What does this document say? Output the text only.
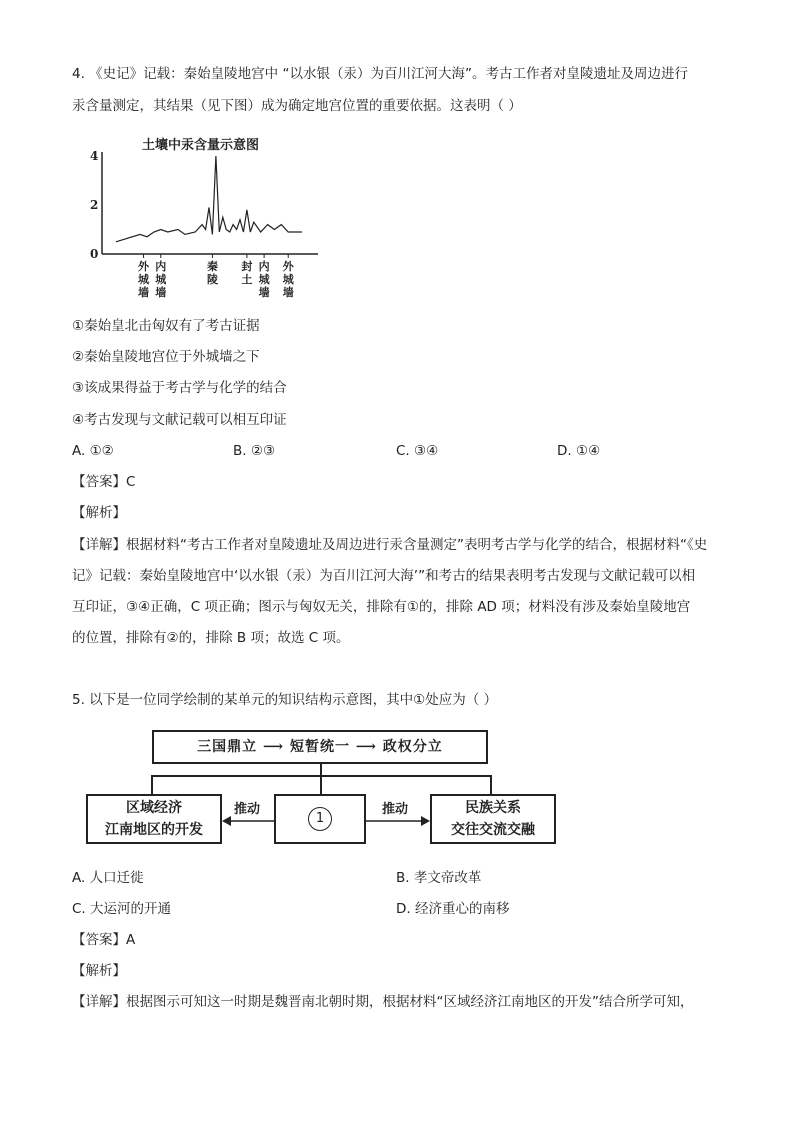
4. 《史记》记载：秦始皇陵地宫中 “以水银（汞）为百川江河大海”。考古工作者对皇陵遗址及周边进行
汞含量测定，其结果（见下图）成为确定地宫位置的重要依据。这表明（ ）
土壤中汞含量示意图
4
2
0
外城墙
内城墙
秦陵
封土
内城墙
外城墙
①秦始皇北击匈奴有了考古证据
②秦始皇陵地宫位于外城墙之下
③该成果得益于考古学与化学的结合
④考古发现与文献记载可以相互印证
A. ①②	B. ②③	C. ③④	D. ①④
【答案】C
【解析】
【详解】根据材料“考古工作者对皇陵遗址及周边进行汞含量测定”表明考古学与化学的结合，根据材料“《史
记》记载：秦始皇陵地宫中‘以水银（汞）为百川江河大海’”和考古的结果表明考古发现与文献记载可以相
互印证，③④正确，C 项正确；图示与匈奴无关，排除有①的，排除 AD 项；材料没有涉及秦始皇陵地宫
的位置，排除有②的，排除 B 项；故选 C 项。
5. 以下是一位同学绘制的某单元的知识结构示意图，其中①处应为（ ）
三国鼎立 ⟶ 短暂统一 ⟶ 政权分立
区域经济
江南地区的开发
1
民族关系
交往交流交融
推动	推动
A. 人口迁徙	B. 孝文帝改革
C. 大运河的开通	D. 经济重心的南移
【答案】A
【解析】
【详解】根据图示可知这一时期是魏晋南北朝时期，根据材料“区域经济江南地区的开发”结合所学可知，
